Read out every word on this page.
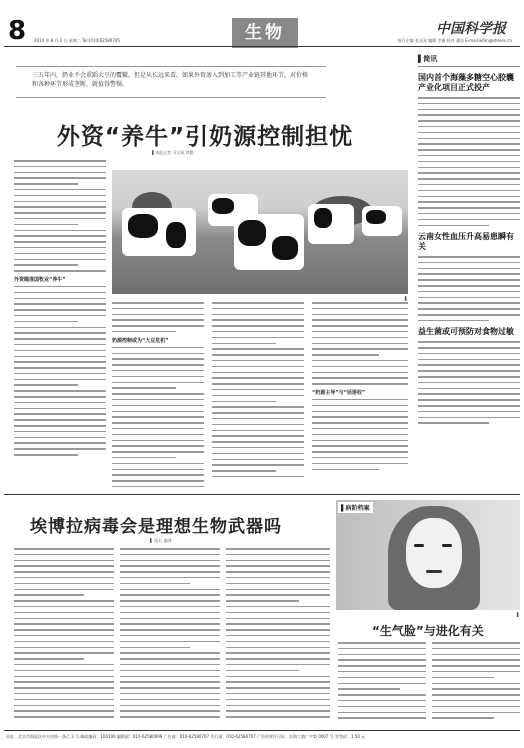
8 2014 年 8 月 2 日 星期二 Tel:(010)62580705	生物	中国科学报
执行主编 张双双 编辑 手雅 校对 潘良 E-mail:wfan@stimes.cn

三五年内，奶业不会重蹈大豆的覆辙。但是从长远来看，如果外资渗入到加工等产业链其他环节，对价格和各种环节形成垄断，就值得警惕。

外资“养牛”引奶源控制担忧
▌本报记者 马宝侃 覃勤
外资瞄准国牧业“养牛”
▌
奶源控制或为“大豆危机”
“奶源主导”与“话语权”
▌简讯
国内首个海藻多糖空心胶囊产业化项目正式投产
云南女性血压升高易患瞬有关
益生菌或可预防对食物过敏
埃博拉病毒会是理想生物武器吗
▌ 陈石 编译
▌病阶档案
▌
“生气脸”与进化有关
社址：北京市海淀区中关村南一条乙 2 号 邮政编码：100190 编辑部：010-62580699 广告部：010-62580707 发行部：010-62580707 广告经营许可证：京海工商广字第 0007 号 零售价：1.50 元
